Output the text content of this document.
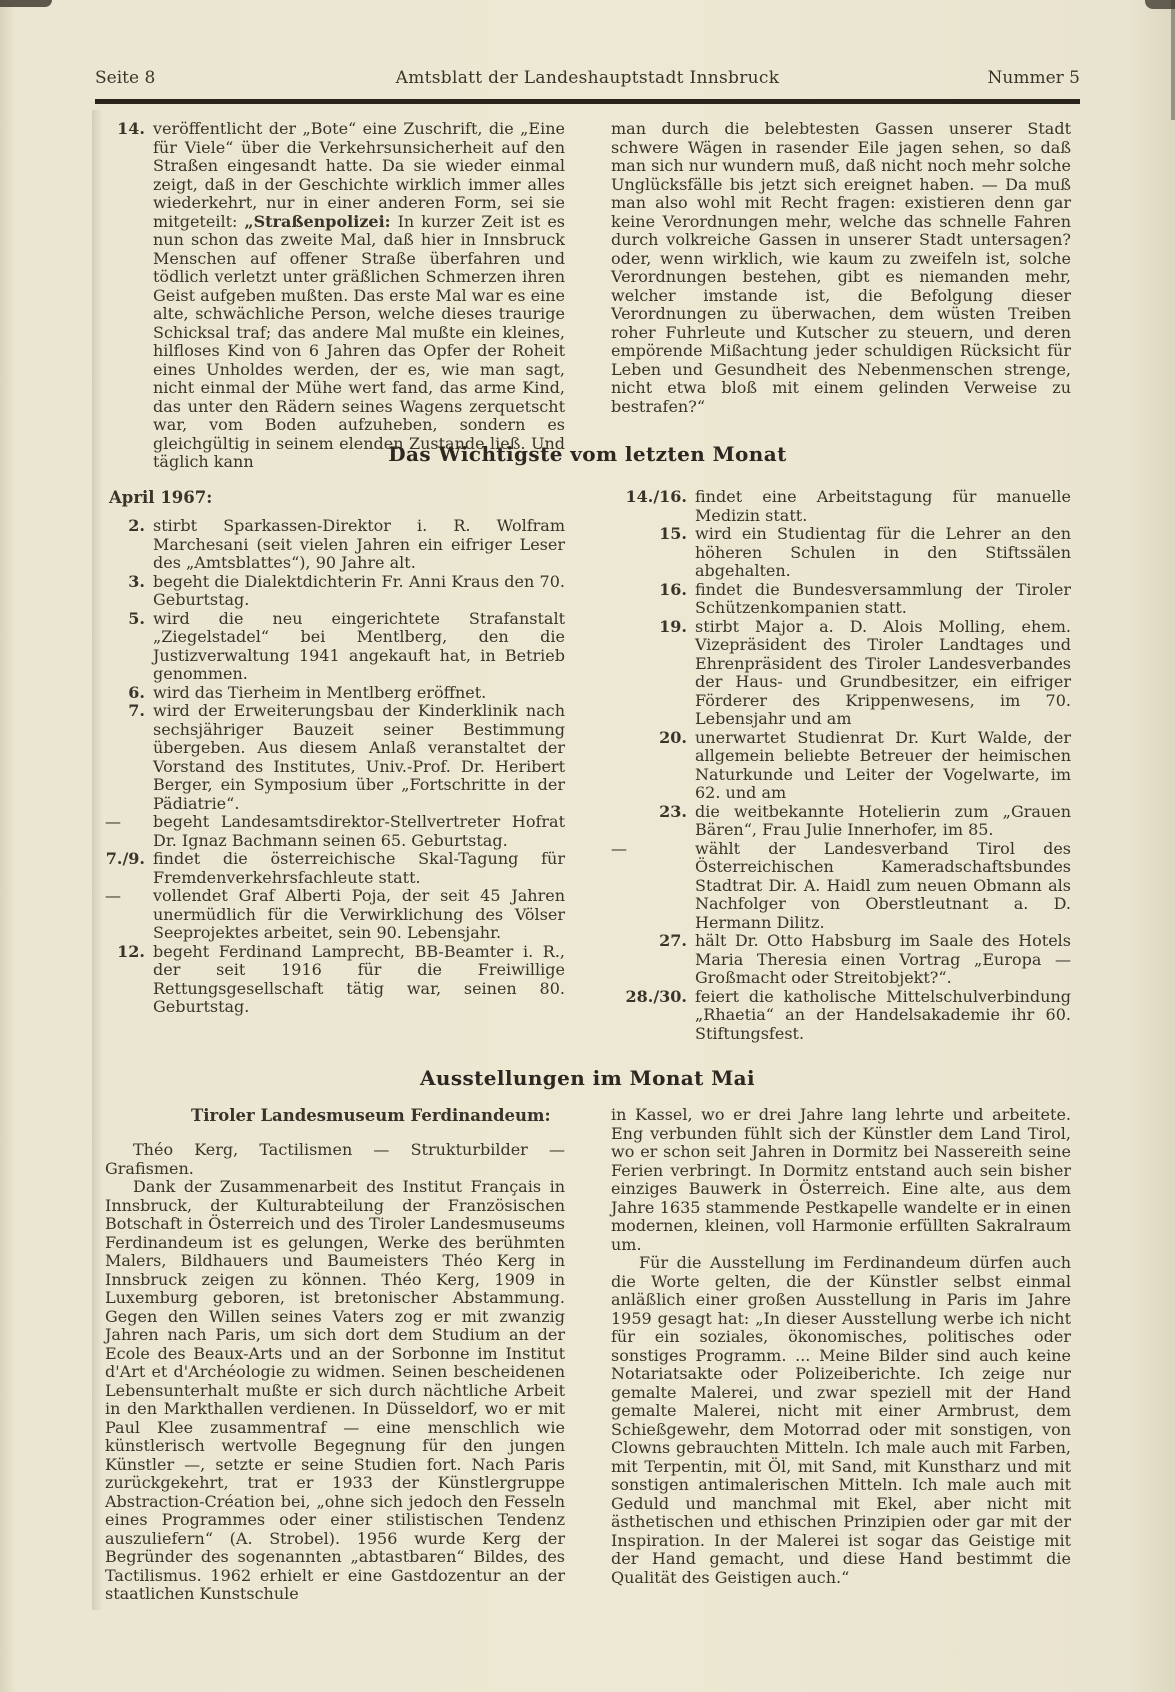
Seite 8	Amtsblatt der Landeshauptstadt Innsbruck	Nummer 5
14. veröffentlicht der „Bote“ eine Zuschrift, die „Eine für Viele“ über die Verkehrsunsicherheit auf den Straßen eingesandt hatte. Da sie wieder einmal zeigt, daß in der Geschichte wirklich immer alles wiederkehrt, nur in einer anderen Form, sei sie mitgeteilt: „Straßenpolizei: In kurzer Zeit ist es nun schon das zweite Mal, daß hier in Innsbruck Menschen auf offener Straße überfahren und tödlich verletzt unter gräßlichen Schmerzen ihren Geist aufgeben mußten. Das erste Mal war es eine alte, schwächliche Person, welche dieses traurige Schicksal traf; das andere Mal mußte ein kleines, hilfloses Kind von 6 Jahren das Opfer der Roheit eines Unholdes werden, der es, wie man sagt, nicht einmal der Mühe wert fand, das arme Kind, das unter den Rädern seines Wagens zerquetscht war, vom Boden aufzuheben, sondern es gleichgültig in seinem elenden Zustande ließ. Und täglich kann
man durch die belebtesten Gassen unserer Stadt schwere Wägen in rasender Eile jagen sehen, so daß man sich nur wundern muß, daß nicht noch mehr solche Unglücksfälle bis jetzt sich ereignet haben. — Da muß man also wohl mit Recht fragen: existieren denn gar keine Verordnungen mehr, welche das schnelle Fahren durch volkreiche Gassen in unserer Stadt untersagen? oder, wenn wirklich, wie kaum zu zweifeln ist, solche Verordnungen bestehen, gibt es niemanden mehr, welcher imstande ist, die Befolgung dieser Verordnungen zu überwachen, dem wüsten Treiben roher Fuhrleute und Kutscher zu steuern, und deren empörende Mißachtung jeder schuldigen Rücksicht für Leben und Gesundheit des Nebenmenschen strenge, nicht etwa bloß mit einem gelinden Verweise zu bestrafen?“
Das Wichtigste vom letzten Monat

April 1967:

2. stirbt Sparkassen-Direktor i. R. Wolfram Marchesani (seit vielen Jahren ein eifriger Leser des „Amtsblattes“), 90 Jahre alt.
3. begeht die Dialektdichterin Fr. Anni Kraus den 70. Geburtstag.
5. wird die neu eingerichtete Strafanstalt „Ziegelstadel“ bei Mentlberg, den die Justizverwaltung 1941 angekauft hat, in Betrieb genommen.
6. wird das Tierheim in Mentlberg eröffnet.
7. wird der Erweiterungsbau der Kinderklinik nach sechsjähriger Bauzeit seiner Bestimmung übergeben. Aus diesem Anlaß veranstaltet der Vorstand des Institutes, Univ.-Prof. Dr. Heribert Berger, ein Symposium über „Fortschritte in der Pädiatrie“.
—	begeht Landesamtsdirektor-Stellvertreter Hofrat Dr. Ignaz Bachmann seinen 65. Geburtstag.
7./9. findet die österreichische Skal-Tagung für Fremdenverkehrsfachleute statt.
—	vollendet Graf Alberti Poja, der seit 45 Jahren unermüdlich für die Verwirklichung des Völser Seeprojektes arbeitet, sein 90. Lebensjahr.
12. begeht Ferdinand Lamprecht, BB-Beamter i. R., der seit 1916 für die Freiwillige Rettungsgesellschaft tätig war, seinen 80. Geburtstag.
14./16. findet eine Arbeitstagung für manuelle Medizin statt.
15. wird ein Studientag für die Lehrer an den höheren Schulen in den Stiftssälen abgehalten.
16. findet die Bundesversammlung der Tiroler Schützenkompanien statt.
19. stirbt Major a. D. Alois Molling, ehem. Vizepräsident des Tiroler Landtages und Ehrenpräsident des Tiroler Landesverbandes der Haus- und Grundbesitzer, ein eifriger Förderer des Krippenwesens, im 70. Lebensjahr und am
20. unerwartet Studienrat Dr. Kurt Walde, der allgemein beliebte Betreuer der heimischen Naturkunde und Leiter der Vogelwarte, im 62. und am
23. die weitbekannte Hotelierin zum „Grauen Bären“, Frau Julie Innerhofer, im 85.
—	wählt der Landesverband Tirol des Österreichischen Kameradschaftsbundes Stadtrat Dir. A. Haidl zum neuen Obmann als Nachfolger von Oberstleutnant a. D. Hermann Dilitz.
27. hält Dr. Otto Habsburg im Saale des Hotels Maria Theresia einen Vortrag „Europa — Großmacht oder Streitobjekt?“.
28./30. feiert die katholische Mittelschulverbindung „Rhaetia“ an der Handelsakademie ihr 60. Stiftungsfest.
Ausstellungen im Monat Mai

Tiroler Landesmuseum Ferdinandeum:

Théo Kerg, Tactilismen — Strukturbilder — Grafismen.

Dank der Zusammenarbeit des Institut Français in Innsbruck, der Kulturabteilung der Französischen Botschaft in Österreich und des Tiroler Landesmuseums Ferdinandeum ist es gelungen, Werke des berühmten Malers, Bildhauers und Baumeisters Théo Kerg in Innsbruck zeigen zu können. Théo Kerg, 1909 in Luxemburg geboren, ist bretonischer Abstammung. Gegen den Willen seines Vaters zog er mit zwanzig Jahren nach Paris, um sich dort dem Studium an der Ecole des Beaux-Arts und an der Sorbonne im Institut d'Art et d'Archéologie zu widmen. Seinen bescheidenen Lebensunterhalt mußte er sich durch nächtliche Arbeit in den Markthallen verdienen. In Düsseldorf, wo er mit Paul Klee zusammentraf — eine menschlich wie künstlerisch wertvolle Begegnung für den jungen Künstler —, setzte er seine Studien fort. Nach Paris zurückgekehrt, trat er 1933 der Künstlergruppe Abstraction-Création bei, „ohne sich jedoch den Fesseln eines Programmes oder einer stilistischen Tendenz auszuliefern“ (A. Strobel). 1956 wurde Kerg der Begründer des sogenannten „abtastbaren“ Bildes, des Tactilismus. 1962 erhielt er eine Gastdozentur an der staatlichen Kunstschule

in Kassel, wo er drei Jahre lang lehrte und arbeitete. Eng verbunden fühlt sich der Künstler dem Land Tirol, wo er schon seit Jahren in Dormitz bei Nassereith seine Ferien verbringt. In Dormitz entstand auch sein bisher einziges Bauwerk in Österreich. Eine alte, aus dem Jahre 1635 stammende Pestkapelle wandelte er in einen modernen, kleinen, voll Harmonie erfüllten Sakralraum um.

Für die Ausstellung im Ferdinandeum dürfen auch die Worte gelten, die der Künstler selbst einmal anläßlich einer großen Ausstellung in Paris im Jahre 1959 gesagt hat: „In dieser Ausstellung werbe ich nicht für ein soziales, ökonomisches, politisches oder sonstiges Programm. ... Meine Bilder sind auch keine Notariatsakte oder Polizeiberichte. Ich zeige nur gemalte Malerei, und zwar speziell mit der Hand gemalte Malerei, nicht mit einer Armbrust, dem Schießgewehr, dem Motorrad oder mit sonstigen, von Clowns gebrauchten Mitteln. Ich male auch mit Farben, mit Terpentin, mit Öl, mit Sand, mit Kunstharz und mit sonstigen antimalerischen Mitteln. Ich male auch mit Geduld und manchmal mit Ekel, aber nicht mit ästhetischen und ethischen Prinzipien oder gar mit der Inspiration. In der Malerei ist sogar das Geistige mit der Hand gemacht, und diese Hand bestimmt die Qualität des Geistigen auch.“
